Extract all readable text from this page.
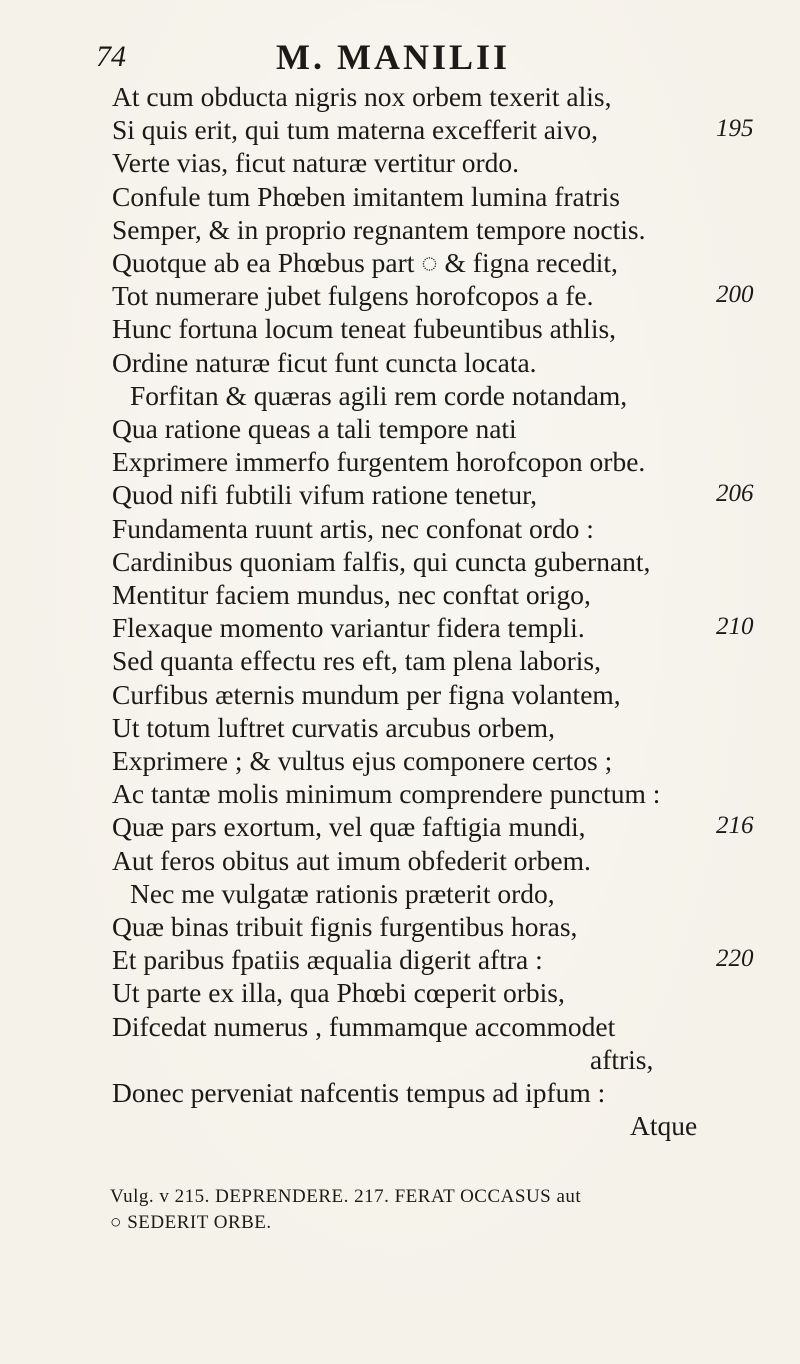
74	M. MANILII
At cum obducta nigris nox orbem texerit alis,
Si quis erit, qui tum materna excefferit aivo,	195
Verte vias, ficut naturæ vertitur ordo.
Confule tum Phœben imitantem lumina fratris
Semper, & in proprio regnantem tempore noctis.
Quotque ab ea Phœbus part ◌ & figna recedit,
Tot numerare jubet fulgens horofcopos a fe.	200
Hunc fortuna locum teneat fubeuntibus athlis,
Ordine naturæ ficut funt cuncta locata.
Forfitan & quæras agili rem corde notandam,
Qua ratione queas a tali tempore nati
Exprimere immerfo furgentem horofcopon orbe.
Quod nifi fubtili vifum ratione tenetur,	206
Fundamenta ruunt artis, nec confonat ordo :
Cardinibus quoniam falfis, qui cuncta gubernant,
Mentitur faciem mundus, nec conftat origo,
Flexaque momento variantur fidera templi.	210
Sed quanta effectu res eft, tam plena laboris,
Curfibus æternis mundum per figna volantem,
Ut totum luftret curvatis arcubus orbem,
Exprimere ; & vultus ejus componere certos ;
Ac tantæ molis minimum comprendere punctum :
Quæ pars exortum, vel quæ faftigia mundi,	216
Aut feros obitus aut imum obfederit orbem.
Nec me vulgatæ rationis præterit ordo,
Quæ binas tribuit fignis furgentibus horas,
Et paribus fpatiis æqualia digerit aftra :	220
Ut parte ex illa, qua Phœbi cœperit orbis,
Difcedat numerus , fummamque accommodet
aftris,
Donec perveniat nafcentis tempus ad ipfum :
Atque
Vulg. v 215. DEPRENDERE. 217. FERAT OCCASUS aut
○ SEDERIT ORBE.
